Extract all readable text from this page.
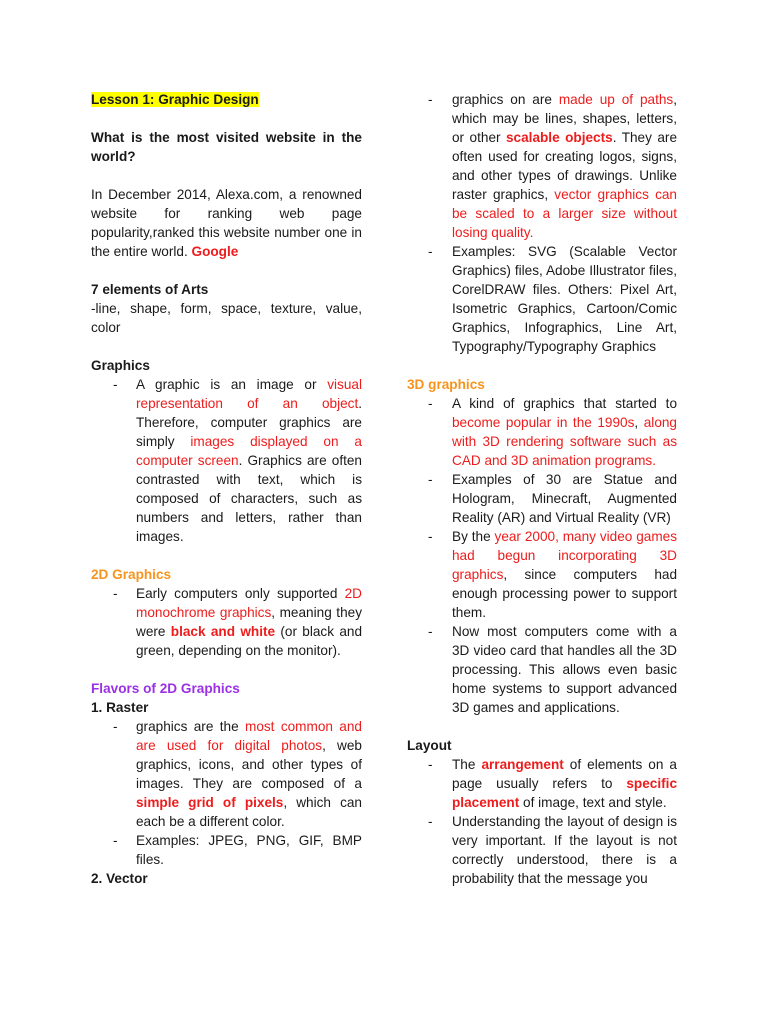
Lesson 1: Graphic Design

What is the most visited website in the world?

In December 2014, Alexa.com, a renowned website for ranking web page popularity,ranked this website number one in the entire world. Google

7 elements of Arts

-line, shape, form, space, texture, value, color

Graphics

- A graphic is an image or visual representation of an object. Therefore, computer graphics are simply images displayed on a computer screen. Graphics are often contrasted with text, which is composed of characters, such as numbers and letters, rather than images.

2D Graphics

- Early computers only supported 2D monochrome graphics, meaning they were black and white (or black and green, depending on the monitor).

Flavors of 2D Graphics

1. Raster

- graphics are the most common and are used for digital photos, web graphics, icons, and other types of images. They are composed of a simple grid of pixels, which can each be a different color.
- Examples: JPEG, PNG, GIF, BMP files.

2. Vector

- graphics on are made up of paths, which may be lines, shapes, letters, or other scalable objects. They are often used for creating logos, signs, and other types of drawings. Unlike raster graphics, vector graphics can be scaled to a larger size without losing quality.
- Examples: SVG (Scalable Vector Graphics) files, Adobe Illustrator files, CorelDRAW files. Others: Pixel Art, Isometric Graphics, Cartoon/Comic Graphics, Infographics, Line Art, Typography/Typography Graphics

3D graphics

- A kind of graphics that started to become popular in the 1990s, along with 3D rendering software such as CAD and 3D animation programs.
- Examples of 30 are Statue and Hologram, Minecraft, Augmented Reality (AR) and Virtual Reality (VR)
- By the year 2000, many video games had begun incorporating 3D graphics, since computers had enough processing power to support them.
- Now most computers come with a 3D video card that handles all the 3D processing. This allows even basic home systems to support advanced 3D games and applications.

Layout

- The arrangement of elements on a page usually refers to specific placement of image, text and style.
- Understanding the layout of design is very important. If the layout is not correctly understood, there is a probability that the message you
